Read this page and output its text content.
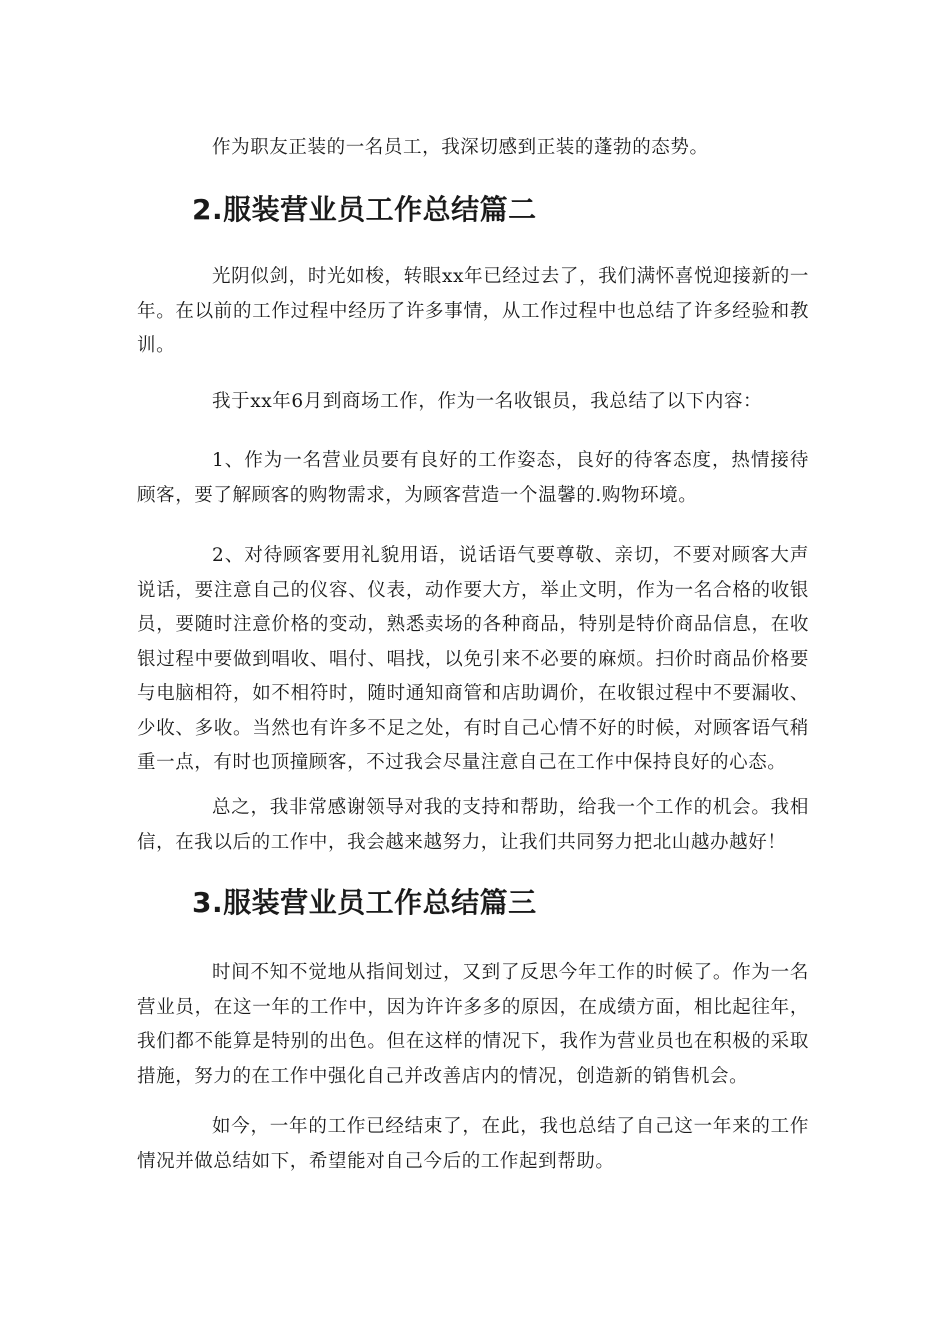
作为职友正装的一名员工，我深切感到正装的蓬勃的态势。

2.服装营业员工作总结篇二

光阴似剑，时光如梭，转眼xx年已经过去了，我们满怀喜悦迎接新的一年。在以前的工作过程中经历了许多事情，从工作过程中也总结了许多经验和教训。

我于xx年6月到商场工作，作为一名收银员，我总结了以下内容：

1、作为一名营业员要有良好的工作姿态，良好的待客态度，热情接待顾客，要了解顾客的购物需求，为顾客营造一个温馨的.购物环境。

2、对待顾客要用礼貌用语，说话语气要尊敬、亲切，不要对顾客大声说话，要注意自己的仪容、仪表，动作要大方，举止文明，作为一名合格的收银员，要随时注意价格的变动，熟悉卖场的各种商品，特别是特价商品信息，在收银过程中要做到唱收、唱付、唱找，以免引来不必要的麻烦。扫价时商品价格要与电脑相符，如不相符时，随时通知商管和店助调价，在收银过程中不要漏收、少收、多收。当然也有许多不足之处，有时自己心情不好的时候，对顾客语气稍重一点，有时也顶撞顾客，不过我会尽量注意自己在工作中保持良好的心态。

总之，我非常感谢领导对我的支持和帮助，给我一个工作的机会。我相信，在我以后的工作中，我会越来越努力，让我们共同努力把北山越办越好！

3.服装营业员工作总结篇三

时间不知不觉地从指间划过，又到了反思今年工作的时候了。作为一名营业员，在这一年的工作中，因为许许多多的原因，在成绩方面，相比起往年，我们都不能算是特别的出色。但在这样的情况下，我作为营业员也在积极的采取措施，努力的在工作中强化自己并改善店内的情况，创造新的销售机会。

如今，一年的工作已经结束了，在此，我也总结了自己这一年来的工作情况并做总结如下，希望能对自己今后的工作起到帮助。
